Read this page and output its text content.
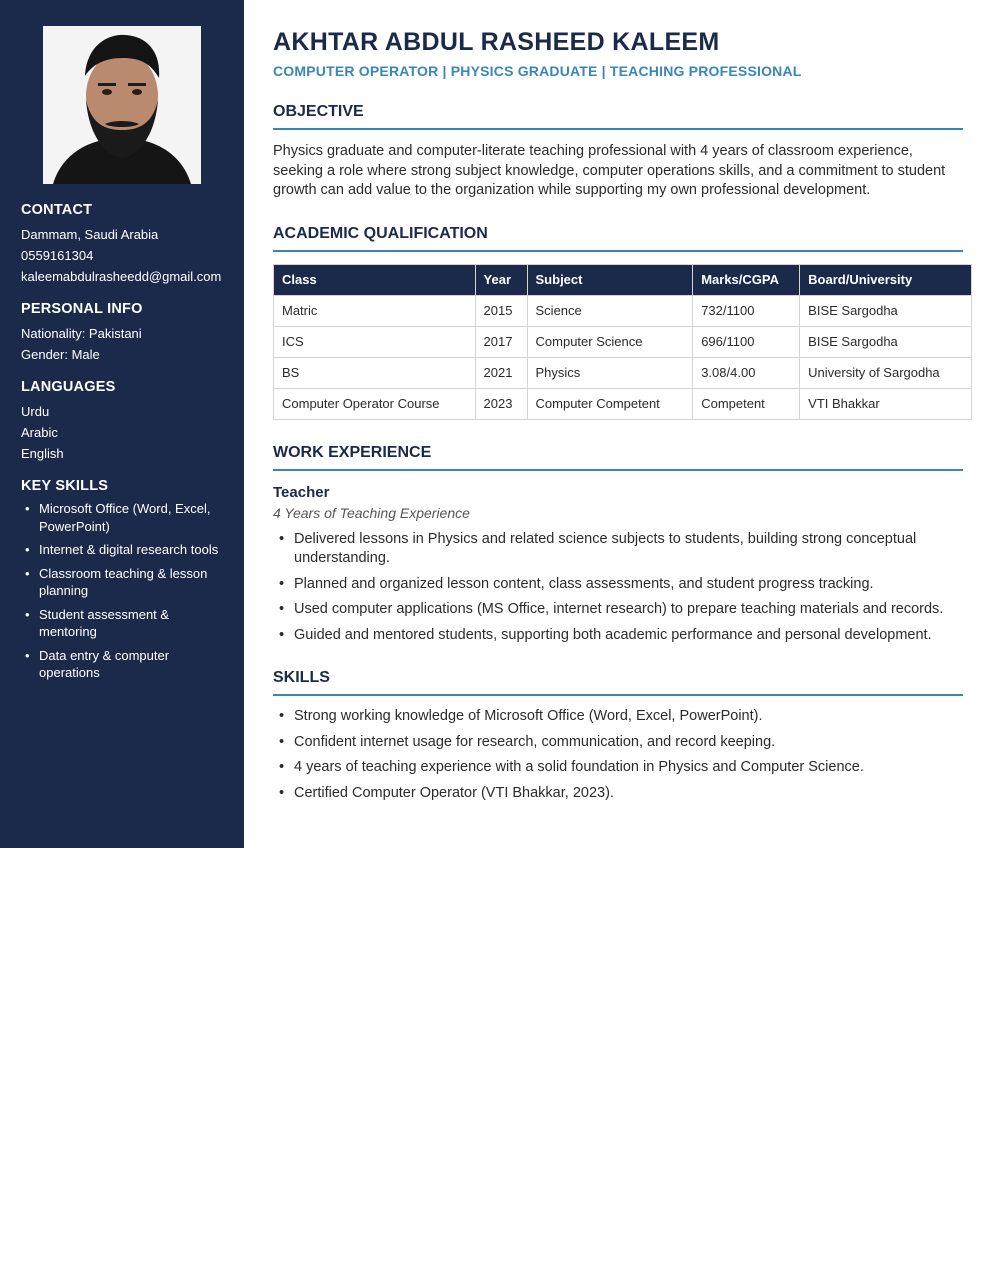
CONTACT
Dammam, Saudi Arabia
0559161304
kaleemabdulrasheedd@gmail.com
PERSONAL INFO
Nationality: Pakistani
Gender: Male
LANGUAGES
Urdu
Arabic
English
KEY SKILLS
• Microsoft Office (Word, Excel, PowerPoint)
• Internet & digital research tools
• Classroom teaching & lesson planning
• Student assessment & mentoring
• Data entry & computer operations
AKHTAR ABDUL RASHEED KALEEM
COMPUTER OPERATOR | PHYSICS GRADUATE | TEACHING PROFESSIONAL
OBJECTIVE

Physics graduate and computer-literate teaching professional with 4 years of classroom experience, seeking a role where strong subject knowledge, computer operations skills, and a commitment to student growth can add value to the organization while supporting my own professional development.

ACADEMIC QUALIFICATION
Class	Year	Subject	Marks/CGPA	Board/University
Matric	2015	Science	732/1100	BISE Sargodha
ICS	2017	Computer Science	696/1100	BISE Sargodha
BS	2021	Physics	3.08/4.00	University of Sargodha
Computer Operator Course	2023	Computer Competent	Competent	VTI Bhakkar
WORK EXPERIENCE
Teacher
4 Years of Teaching Experience
• Delivered lessons in Physics and related science subjects to students, building strong conceptual understanding.
• Planned and organized lesson content, class assessments, and student progress tracking.
• Used computer applications (MS Office, internet research) to prepare teaching materials and records.
• Guided and mentored students, supporting both academic performance and personal development.
SKILLS
• Strong working knowledge of Microsoft Office (Word, Excel, PowerPoint).
• Confident internet usage for research, communication, and record keeping.
• 4 years of teaching experience with a solid foundation in Physics and Computer Science.
• Certified Computer Operator (VTI Bhakkar, 2023).
